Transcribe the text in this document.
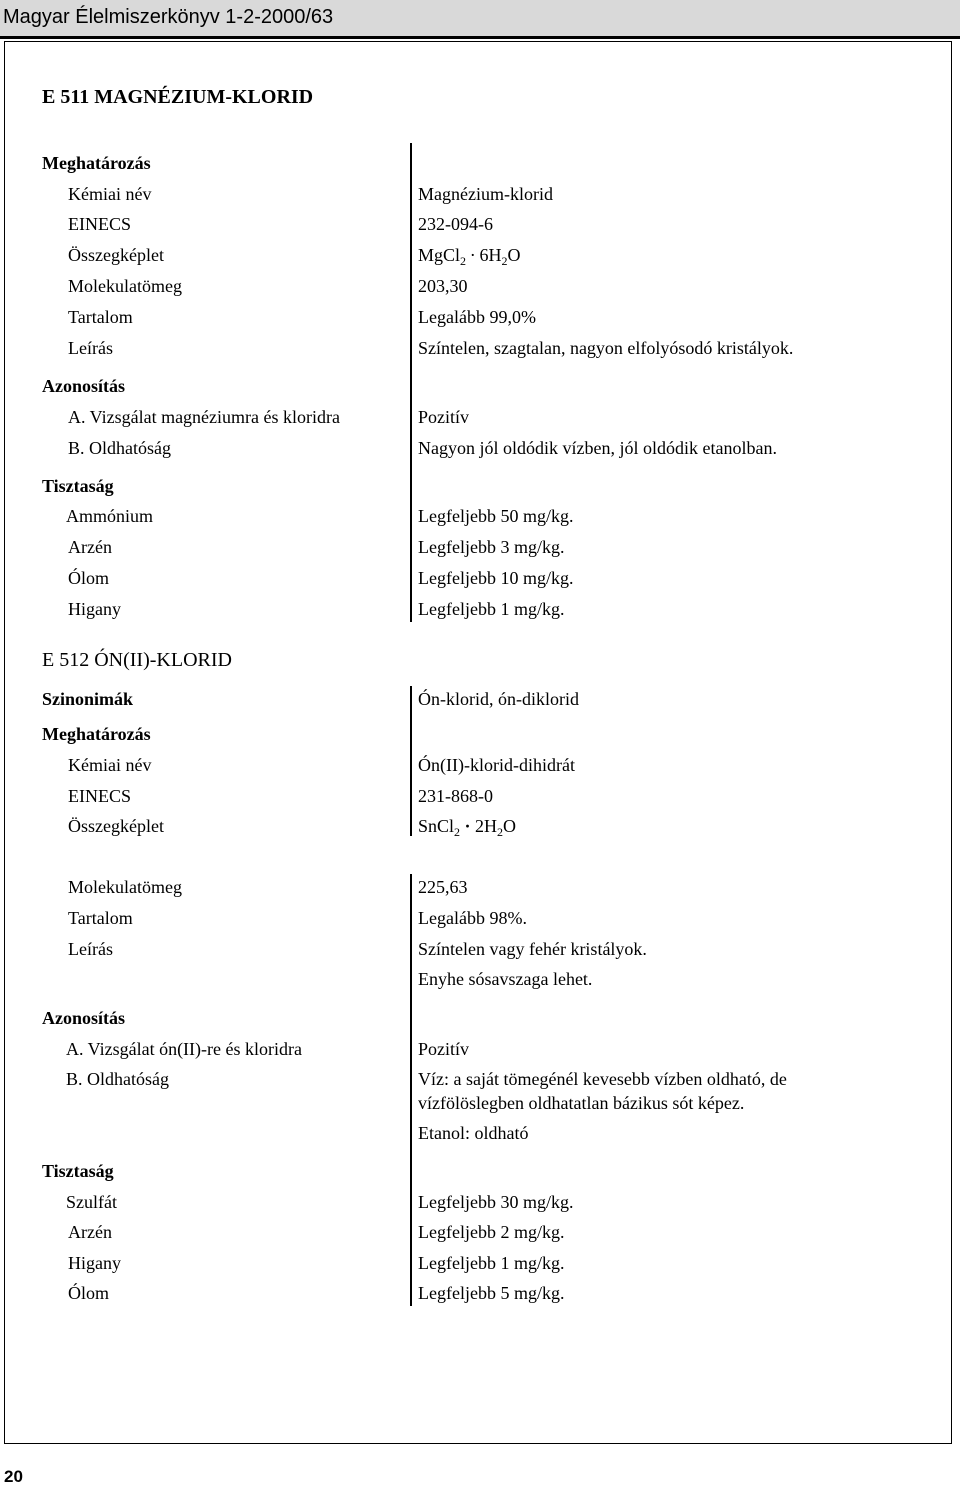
Magyar Élelmiszerkönyv 1-2-2000/63
E 511 MAGNÉZIUM-KLORID
Meghatározás
Kémiai név	Magnézium-klorid
EINECS	232-094-6
Összegképlet	MgCl$_2$ . $6H_2O$
Molekulatömeg	203,30
Tartalom	Legalább 99,0%
Leírás	Színtelen, szagtalan, nagyon elfolyósodó kristályok.
Azonosítás
A. Vizsgálat magnéziumra és kloridra	Pozitív
B. Oldhatóság	Nagyon jól oldódik vízben, jól oldódik etanolban.
Tisztaság
Ammónium	Legfeljebb 50 mg/kg.
Arzén	Legfeljebb 3 mg/kg.
Ólom	Legfeljebb 10 mg/kg.
Higany	Legfeljebb 1 mg/kg.
E 512 ÓN(II)-KLORID
Szinonimák	Ón-klorid, ón-diklorid
Meghatározás
Kémiai név	Ón(II)-klorid-dihidrát
EINECS	231-868-0
Összegképlet	SnCl$_2$ · $2H_2O$
Molekulatömeg	225,63
Tartalom	Legalább 98%.
Leírás	Színtelen vagy fehér kristályok.
Enyhe sósavszaga lehet.
Azonosítás
A. Vizsgálat ón(II)-re és kloridra	Pozitív
B. Oldhatóság	Víz: a saját tömegénél kevesebb vízben oldható, de
vízfölöslegben oldhatatlan bázikus sót képez.
Etanol: oldható
Tisztaság
Szulfát	Legfeljebb 30 mg/kg.
Arzén	Legfeljebb 2 mg/kg.
Higany	Legfeljebb 1 mg/kg.
Ólom	Legfeljebb 5 mg/kg.
20
